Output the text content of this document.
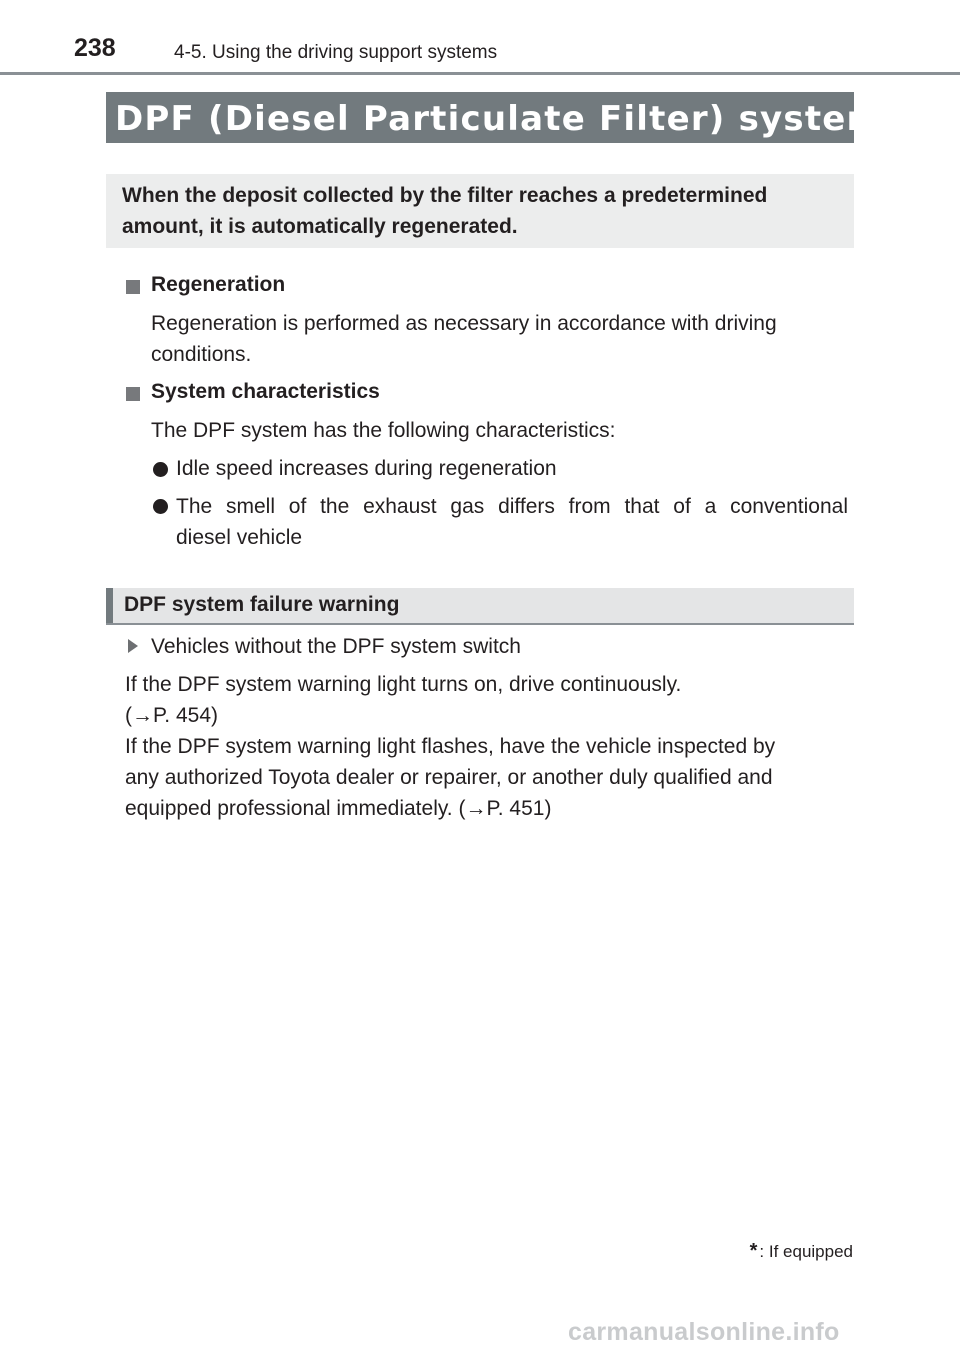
238	4-5. Using the driving support systems
DPF (Diesel Particulate Filter) system *
When the deposit collected by the filter reaches a predetermined amount, it is automatically regenerated.
Regeneration
Regeneration is performed as necessary in accordance with driving
conditions.
System characteristics
The DPF system has the following characteristics:
Idle speed increases during regeneration
The smell of the exhaust gas differs from that of a conventional
diesel vehicle
DPF system failure warning
Vehicles without the DPF system switch
If the DPF system warning light turns on, drive continuously.
(→P. 454)
If the DPF system warning light flashes, have the vehicle inspected by
any authorized Toyota dealer or repairer, or another duly qualified and
equipped professional immediately. (→P. 451)
* : If equipped
carmanualsonline.info
